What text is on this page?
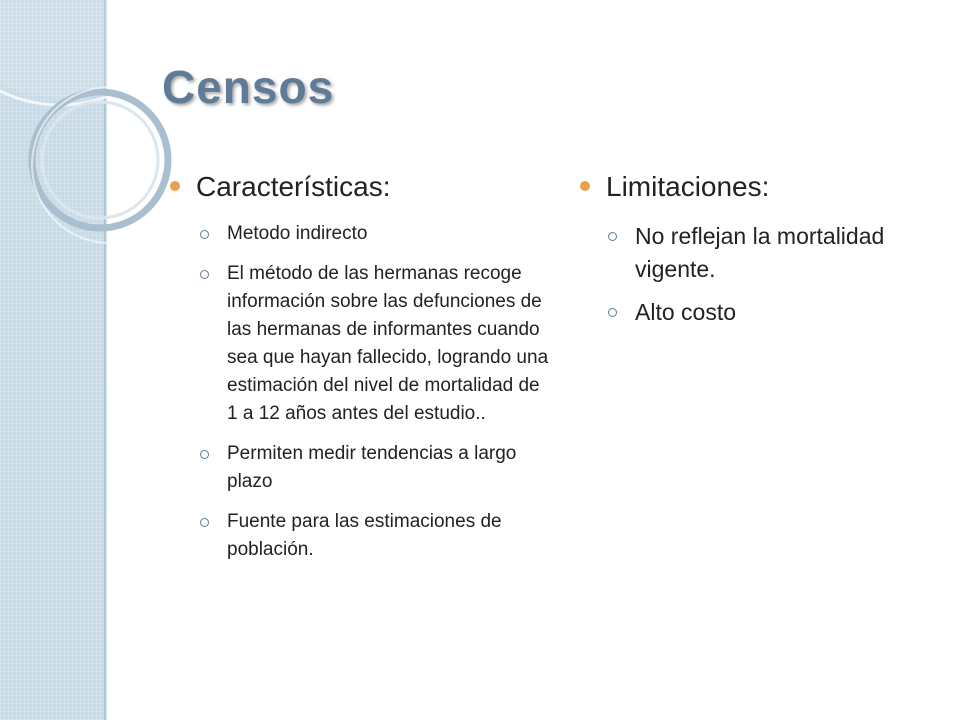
Censos
Características:
Metodo indirecto
El método de las hermanas recoge información sobre las defunciones de las hermanas de informantes cuando sea que hayan fallecido, logrando una estimación del nivel de mortalidad de 1 a 12 años antes del estudio..
Permiten medir tendencias a largo plazo
Fuente para las estimaciones de población.
Limitaciones:
No reflejan la mortalidad vigente.
Alto costo
